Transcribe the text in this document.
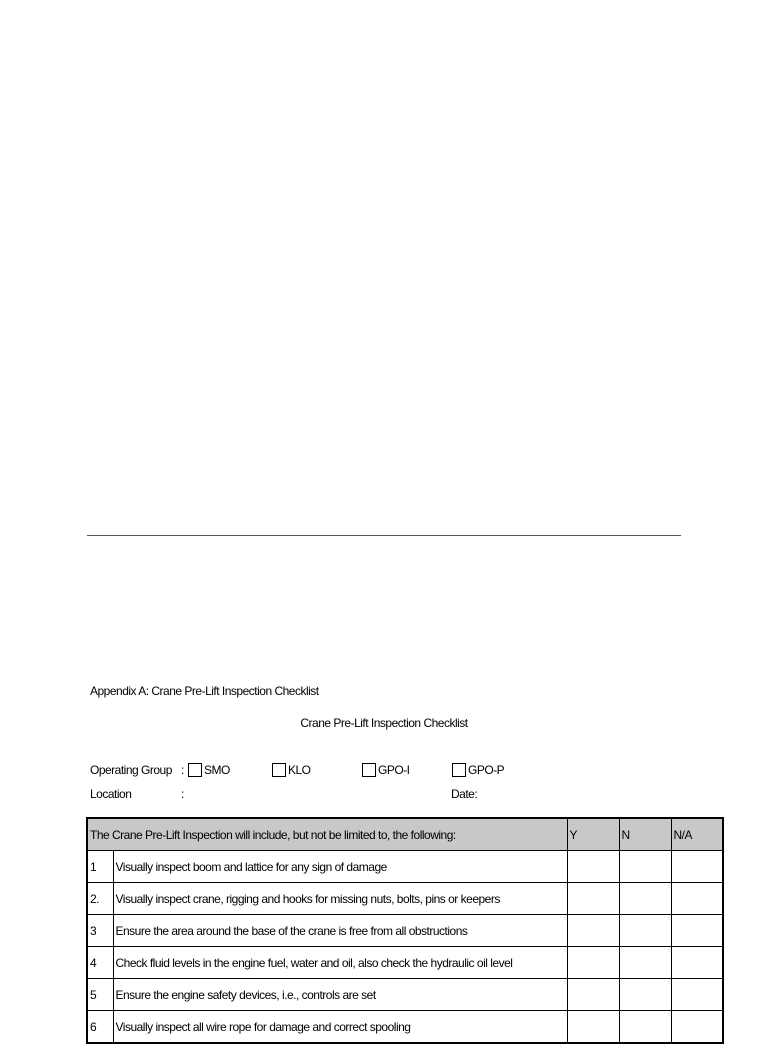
Appendix A: Crane Pre-Lift Inspection Checklist
Crane Pre-Lift Inspection Checklist
Operating Group : SMO	KLO	GPO-I	GPO-P
Location	:	Date:
The Crane Pre-Lift Inspection will include, but not be limited to, the following:		Y	N	N/A
1	Visually inspect boom and lattice for any sign of damage			
2.	Visually inspect crane, rigging and hooks for missing nuts, bolts, pins or keepers			
3	Ensure the area around the base of the crane is free from all obstructions			
4	Check fluid levels in the engine fuel, water and oil, also check the hydraulic oil level			
5	Ensure the engine safety devices, i.e., controls are set			
6	Visually inspect all wire rope for damage and correct spooling			
